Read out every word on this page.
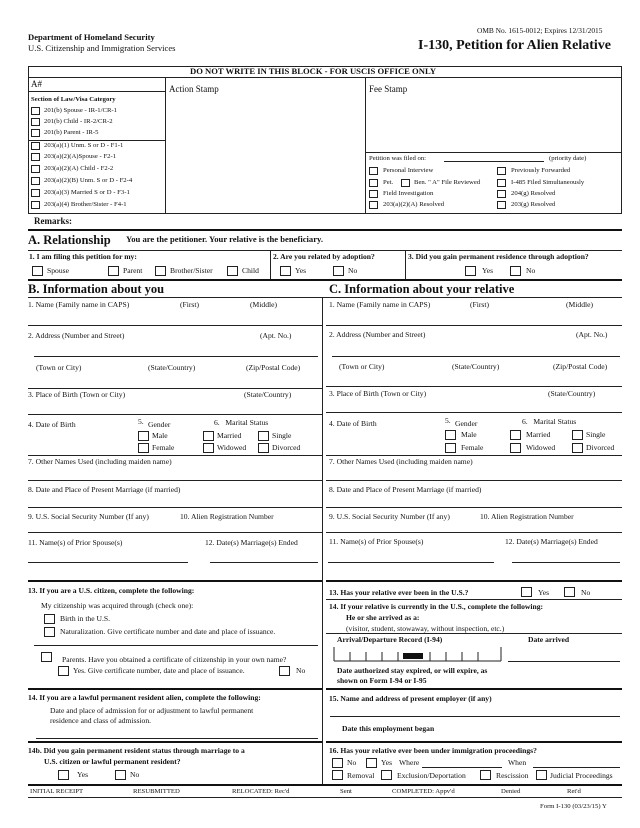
Department of Homeland Security
U.S. Citizenship and Immigration Services
OMB No. 1615-0012; Expires 12/31/2015
I-130, Petition for Alien Relative
DO NOT WRITE IN THIS BLOCK - FOR USCIS OFFICE ONLY
A#
Section of Law/Visa Category
201(b) Spouse - IR-1/CR-1
201(b) Child - IR-2/CR-2
201(b) Parent - IR-5
203(a)(1) Unm. S or D - F1-1
203(a)(2)(A)Spouse - F2-1
203(a)(2)(A) Child - F2-2
203(a)(2)(B) Unm. S or D - F2-4
203(a)(3) Married S or D - F3-1
203(a)(4) Brother/Sister - F4-1
Action Stamp	Fee Stamp
Petition was filed on:	(priority date)
Personal Interview	Previously Forwarded
Pet.	Ben. " A" File Reviewed	I-485 Filed Simultaneously
Field Investigation	204(g) Resolved
203(a)(2)(A) Resolved	203(g) Resolved
Remarks:
A. Relationship You are the petitioner. Your relative is the beneficiary.
1. I am filing this petition for my:
Spouse	Parent	Brother/Sister	Child
2. Are you related by adoption?
Yes	No
3. Did you gain permanent residence through adoption?
Yes	No
B. Information about you	C. Information about your relative
1. Name (Family name in CAPS)	(First)	(Middle)
2. Address (Number and Street)	(Apt. No.)
(Town or City)	(State/Country)	(Zip/Postal Code)
3. Place of Birth (Town or City)	(State/Country)
4. Date of Birth	5. Gender
Male
Female
6. Marital Status
Married	Single
Widowed	Divorced
7. Other Names Used (including maiden name)
8. Date and Place of Present Marriage (if married)
9. U.S. Social Security Number (If any)	10. Alien Registration Number
11. Name(s) of Prior Spouse(s)	12. Date(s) Marriage(s) Ended
13. If you are a U.S. citizen, complete the following:
My citizenship was acquired through (check one):
Birth in the U.S.
Naturalization. Give certificate number and date and place of issuance.
Parents. Have you obtained a certificate of citizenship in your own name?
Yes. Give certificate number, date and place of issuance.	No
14. If you are a lawful permanent resident alien, complete the following:
Date and place of admission for or adjustment to lawful permanent
residence and class of admission.
14b. Did you gain permanent resident status through marriage to a
U.S. citizen or lawful permanent resident?
Yes	No
1. Name (Family name in CAPS)	(First)	(Middle)
2. Address (Number and Street)	(Apt. No.)
(Town or City)	(State/Country)	(Zip/Postal Code)
3. Place of Birth (Town or City)	(State/Country)
4. Date of Birth	5. Gender
Male
Female
6. Marital Status
Married	Single
Widowed	Divorced
7. Other Names Used (including maiden name)
8. Date and Place of Present Marriage (if married)
9. U.S. Social Security Number (If any)	10. Alien Registration Number
11. Name(s) of Prior Spouse(s)	12. Date(s) Marriage(s) Ended
13. Has your relative ever been in the U.S.?	Yes	No
14. If your relative is currently in the U.S., complete the following:
He or she arrived as a:
(visitor, student, stowaway, without inspection, etc.)
Arrival/Departure Record (I-94)	Date arrived
Date authorized stay expired, or will expire, as
shown on Form I-94 or I-95
15. Name and address of present employer (if any)
Date this employment began
16. Has your relative ever been under immigration proceedings?
No	Yes Where	When
Removal	Exclusion/Deportation	Rescission	Judicial Proceedings
INITIAL RECEIPT	RESUBMITTED	RELOCATED: Rec'd	Sent	COMPLETED: Appv'd	Denied	Ret'd
Form I-130 (03/23/15) Y
